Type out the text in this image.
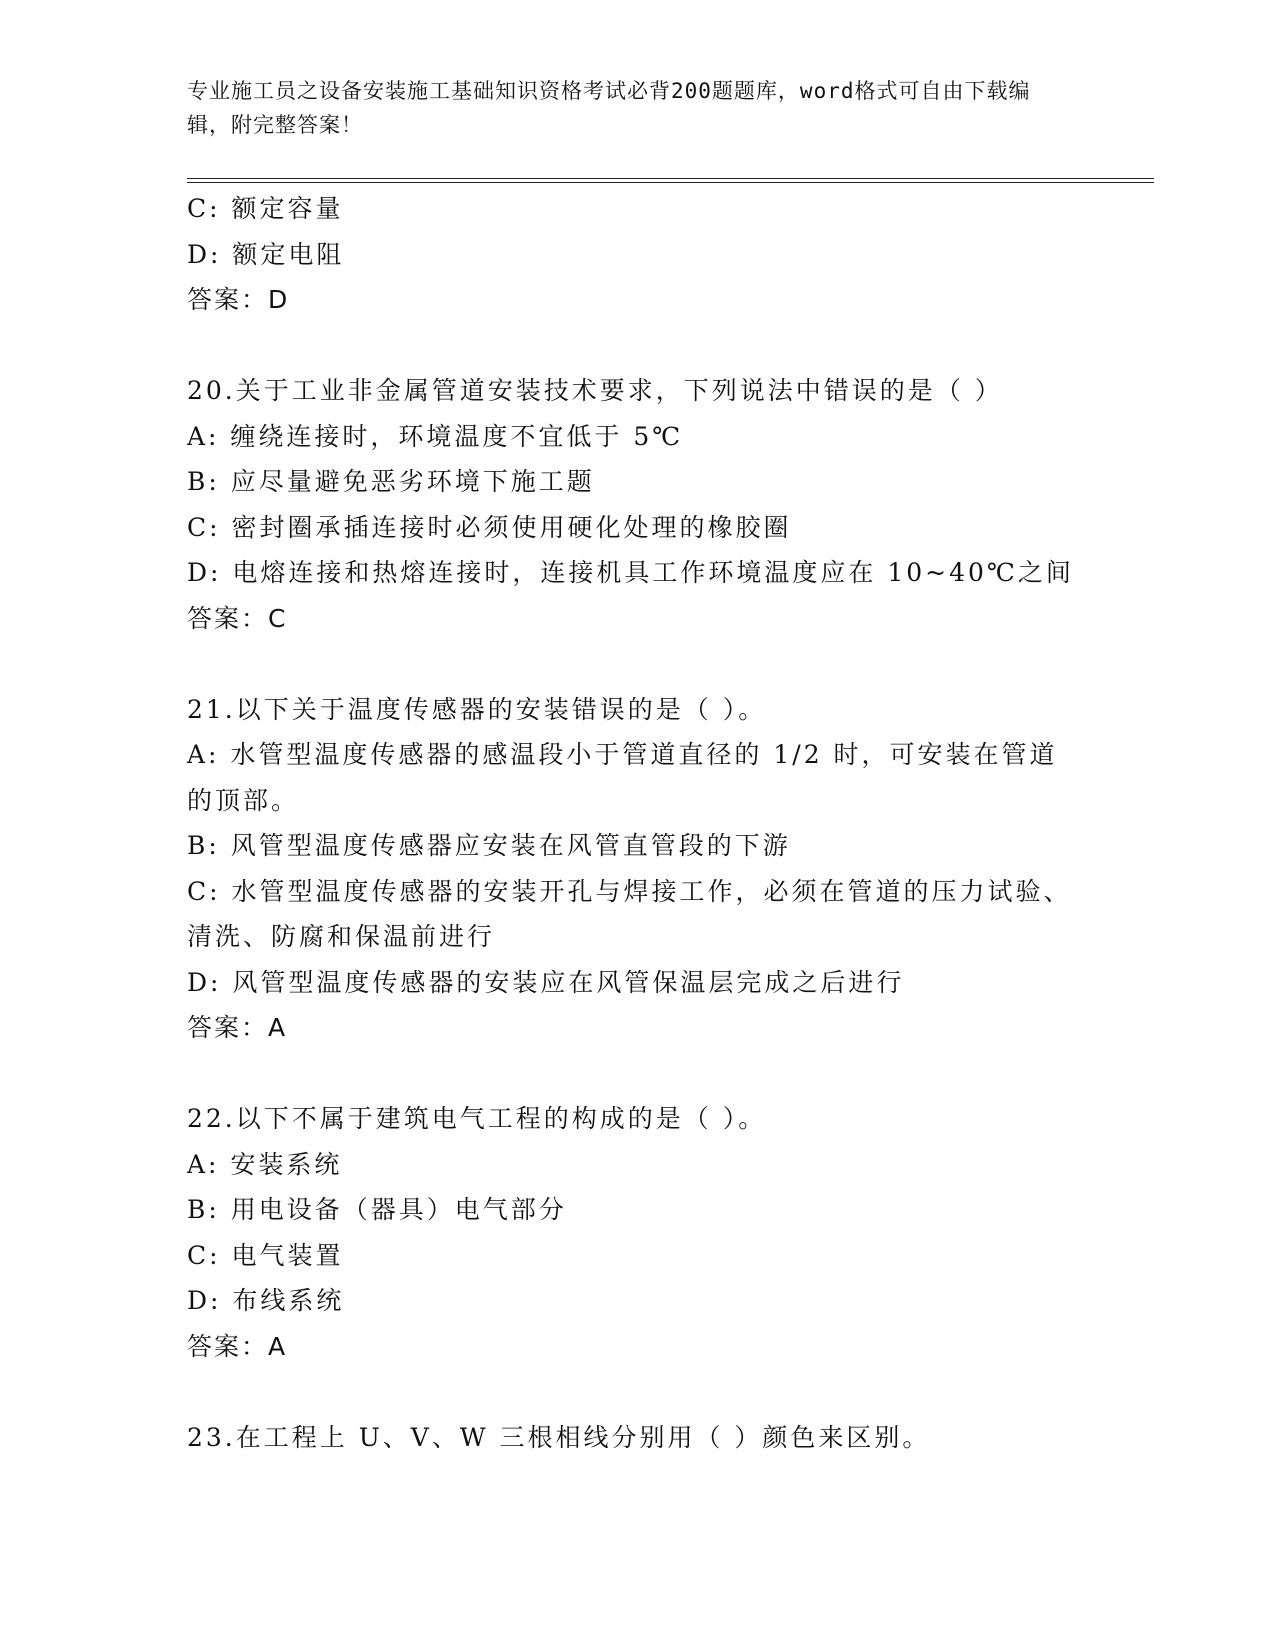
专业施工员之设备安装施工基础知识资格考试必背200题题库，word格式可自由下载编辑，附完整答案！
C: 额定容量
D: 额定电阻
答案：D
20.关于工业非金属管道安装技术要求，下列说法中错误的是（ ）
A: 缠绕连接时，环境温度不宜低于 5℃
B: 应尽量避免恶劣环境下施工题
C: 密封圈承插连接时必须使用硬化处理的橡胶圈
D: 电熔连接和热熔连接时，连接机具工作环境温度应在 10~40℃之间
答案：C
21.以下关于温度传感器的安装错误的是（ ）。
A: 水管型温度传感器的感温段小于管道直径的 1/2 时，可安装在管道的顶部。
B: 风管型温度传感器应安装在风管直管段的下游
C: 水管型温度传感器的安装开孔与焊接工作，必须在管道的压力试验、清洗、防腐和保温前进行
D: 风管型温度传感器的安装应在风管保温层完成之后进行
答案：A
22.以下不属于建筑电气工程的构成的是（ ）。
A: 安装系统
B: 用电设备（器具）电气部分
C: 电气装置
D: 布线系统
答案：A
23.在工程上 U、V、W 三根相线分别用（ ）颜色来区别。
